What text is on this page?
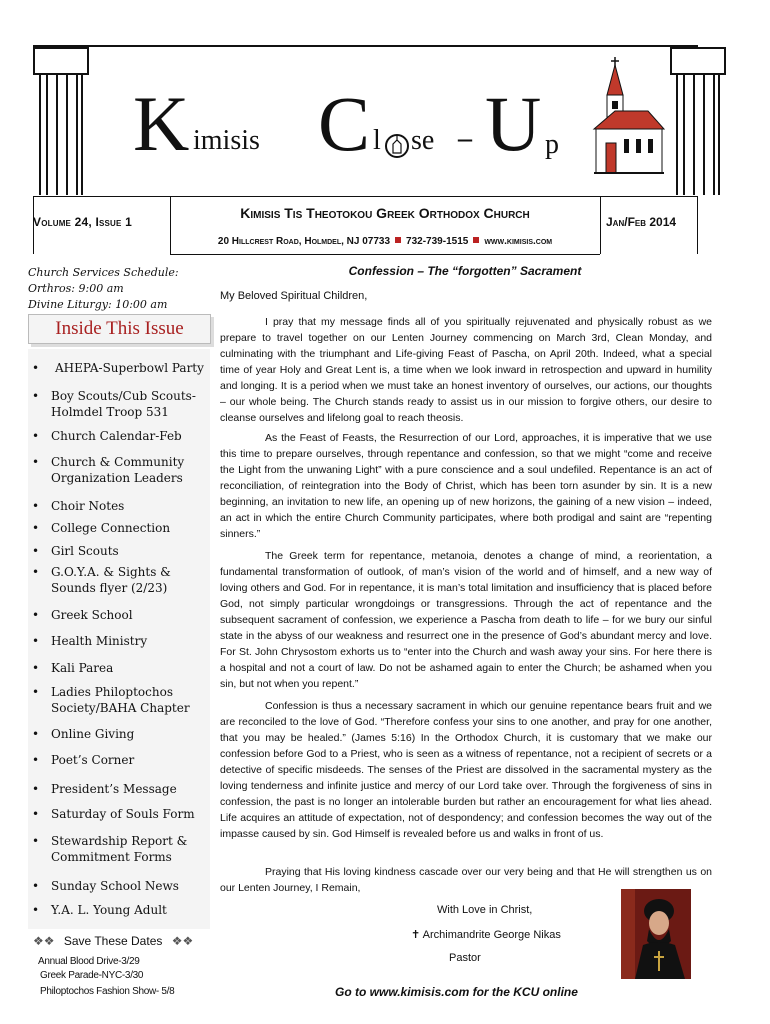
K imisis C l se – U p
Volume 24, Issue 1
Kimisis Tis Theotokou Greek Orthodox Church
20 Hillcrest Road, Holmdel, NJ 07733 732-739-1515 www.kimisis.com
Jan/Feb 2014
Church Services Schedule:
Orthros: 9:00 am
Divine Liturgy: 10:00 am
Inside This Issue
• AHEPA-Superbowl Party
• Boy Scouts/Cub Scouts-Holmdel Troop 531
• Church Calendar-Feb
• Church & Community Organization Leaders
• Choir Notes
• College Connection
• Girl Scouts
• G.O.Y.A. & Sights & Sounds flyer (2/23)
• Greek School
• Health Ministry
• Kali Parea
• Ladies Philoptochos Society/BAHA Chapter
• Online Giving
• Poet’s Corner
• President’s Message
• Saturday of Souls Form
• Stewardship Report & Commitment Forms
• Sunday School News
• Y.A. L. Young Adult
❖❖ Save These Dates ❖❖
Annual Blood Drive-3/29
Greek Parade-NYC-3/30
Philoptochos Fashion Show- 5/8
Confession – The “forgotten” Sacrament
My Beloved Spiritual Children,
I pray that my message finds all of you spiritually rejuvenated and physically robust as we prepare to travel together on our Lenten Journey commencing on March 3rd, Clean Monday, and culminating with the triumphant and Life-giving Feast of Pascha, on April 20th. Indeed, what a special time of year Holy and Great Lent is, a time when we look inward in retrospection and upward in humility and longing. It is a period when we must take an honest inventory of ourselves, our actions, our thoughts – our whole being. The Church stands ready to assist us in our mission to forgive others, our desire to cleanse ourselves and lifelong goal to reach theosis.
As the Feast of Feasts, the Resurrection of our Lord, approaches, it is imperative that we use this time to prepare ourselves, through repentance and confession, so that we might “come and receive the Light from the unwaning Light” with a pure conscience and a soul undefiled. Repentance is an act of reconciliation, of reintegration into the Body of Christ, which has been torn asunder by sin. It is a new beginning, an invitation to new life, an opening up of new horizons, the gaining of a new vision – indeed, an act in which the entire Church Community participates, where both prodigal and saint are “repenting sinners.”
The Greek term for repentance, metanoia, denotes a change of mind, a reorientation, a fundamental transformation of outlook, of man’s vision of the world and of himself, and a new way of loving others and God. For in repentance, it is man’s total limitation and insufficiency that is placed before God, not simply particular wrongdoings or transgressions. Through the act of repentance and the subsequent sacrament of confession, we experience a Pascha from death to life – for we bury our sinful state in the abyss of our weakness and resurrect one in the presence of God’s abundant mercy and love. For St. John Chrysostom exhorts us to “enter into the Church and wash away your sins. For here there is a hospital and not a court of law. Do not be ashamed again to enter the Church; be ashamed when you sin, but not when you repent.”
Confession is thus a necessary sacrament in which our genuine repentance bears fruit and we are reconciled to the love of God. “Therefore confess your sins to one another, and pray for one another, that you may be healed.” (James 5:16) In the Orthodox Church, it is customary that we make our confession before God to a Priest, who is seen as a witness of repentance, not a recipient of secrets or a detective of specific misdeeds. The senses of the Priest are dissolved in the sacramental mystery as the loving tenderness and infinite justice and mercy of our Lord take over. Through the forgiveness of sins in confession, the past is no longer an intolerable burden but rather an encouragement for what lies ahead. Life acquires an attitude of expectation, not of despondency; and confession becomes the way out of the impasse caused by sin. God Himself is revealed before us and walks in front of us.
Praying that His loving kindness cascade over our very being and that He will strengthen us on our Lenten Journey, I Remain,
With Love in Christ,
✝ Archimandrite George Nikas
Pastor
Go to www.kimisis.com for the KCU online
